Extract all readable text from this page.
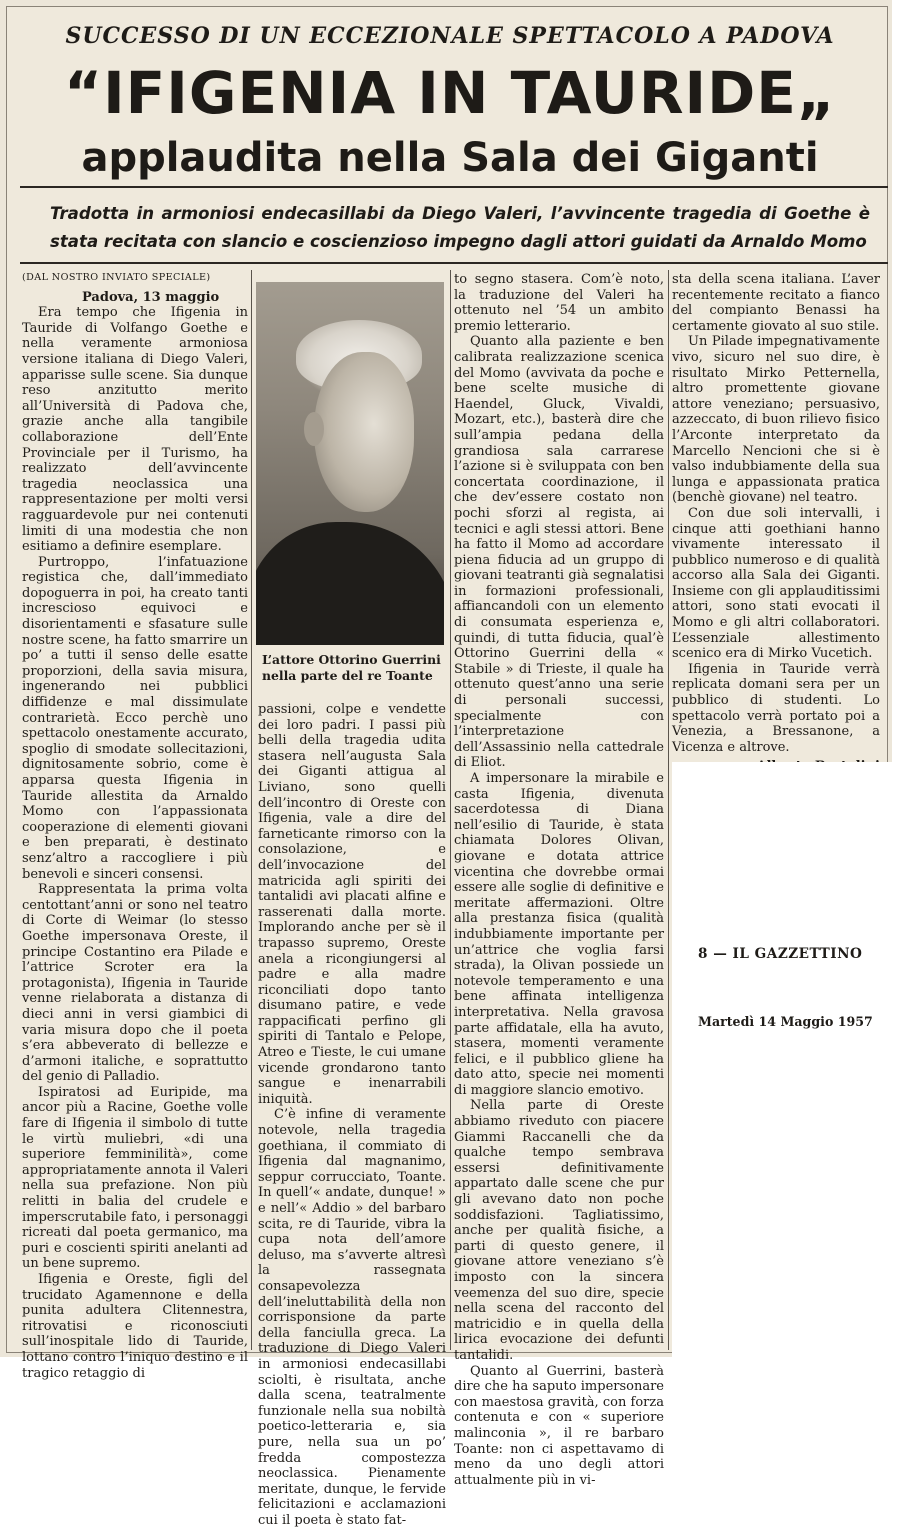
SUCCESSO DI UN ECCEZIONALE SPETTACOLO A PADOVA
“IFIGENIA IN TAURIDE„
applaudita nella Sala dei Giganti
Tradotta in armoniosi endecasillabi da Diego Valeri, l’avvincente tragedia di Goethe è stata recitata con slancio e coscienzioso impegno dagli attori guidati da Arnaldo Momo

(DAL NOSTRO INVIATO SPECIALE)

Padova, 13 maggio

Era tempo che Ifigenia in Tauride di Volfango Goethe e nella veramente armoniosa versione italiana di Diego Valeri, apparisse sulle scene. Sia dunque reso anzitutto merito all’Università di Padova che, grazie anche alla tangibile collaborazione dell’Ente Provinciale per il Turismo, ha realizzato dell’avvincente tragedia neoclassica una rappresentazione per molti versi ragguardevole pur nei contenuti limiti di una modestia che non esitiamo a definire esemplare.

Purtroppo, l’infatuazione registica che, dall’immediato dopoguerra in poi, ha creato tanti increscioso equivoci e disorientamenti e sfasature sulle nostre scene, ha fatto smarrire un po’ a tutti il senso delle esatte proporzioni, della savia misura, ingenerando nei pubblici diffidenze e mal dissimulate contrarietà. Ecco perchè uno spettacolo onestamente accurato, spoglio di smodate sollecitazioni, dignitosamente sobrio, come è apparsa questa Ifigenia in Tauride allestita da Arnaldo Momo con l’appassionata cooperazione di elementi giovani e ben preparati, è destinato senz’altro a raccogliere i più benevoli e sinceri consensi.

Rappresentata la prima volta centottant’anni or sono nel teatro di Corte di Weimar (lo stesso Goethe impersonava Oreste, il principe Costantino era Pilade e l’attrice Scroter era la protagonista), Ifigenia in Tauride venne rielaborata a distanza di dieci anni in versi giambici di varia misura dopo che il poeta s’era abbeverato di bellezze e d’armoni italiche, e soprattutto del genio di Palladio.

Ispiratosi ad Euripide, ma ancor più a Racine, Goethe volle fare di Ifigenia il simbolo di tutte le virtù muliebri, «di una superiore femminilità», come appropriatamente annota il Valeri nella sua prefazione. Non più relitti in balia del crudele e imperscrutabile fato, i personaggi ricreati dal poeta germanico, ma puri e coscienti spiriti anelanti ad un bene supremo.

Ifigenia e Oreste, figli del trucidato Agamennone e della punita adultera Clitennestra, ritrovatisi e riconosciuti sull’inospitale lido di Tauride, lottano contro l’iniquo destino e il tragico retaggio di

L’attore Ottorino Guerrini nella parte del re Toante

passioni, colpe e vendette dei loro padri. I passi più belli della tragedia udita stasera nell’augusta Sala dei Giganti attigua al Liviano, sono quelli dell’incontro di Oreste con Ifigenia, vale a dire del farneticante rimorso con la consolazione, e dell’invocazione del matricida agli spiriti dei tantalidi avi placati alfine e rasserenati dalla morte. Implorando anche per sè il trapasso supremo, Oreste anela a ricongiungersi al padre e alla madre riconciliati dopo tanto disumano patire, e vede rappacificati perfino gli spiriti di Tantalo e Pelope, Atreo e Tieste, le cui umane vicende grondarono tanto sangue e inenarrabili iniquità.

C’è infine di veramente notevole, nella tragedia goethiana, il commiato di Ifigenia dal magnanimo, seppur corrucciato, Toante. In quell’« andate, dunque! » e nell’« Addio » del barbaro scita, re di Tauride, vibra la cupa nota dell’amore deluso, ma s’avverte altresì la rassegnata consapevolezza dell’ineluttabilità della non corrisponsione da parte della fanciulla greca. La traduzione di Diego Valeri in armoniosi endecasillabi sciolti, è risultata, anche dalla scena, teatralmente funzionale nella sua nobiltà poetico-letteraria e, sia pure, nella sua un po’ fredda compostezza neoclassica. Pienamente meritate, dunque, le fervide felicitazioni e acclamazioni cui il poeta è stato fat-

to segno stasera. Com’è noto, la traduzione del Valeri ha ottenuto nel ’54 un ambito premio letterario.

Quanto alla paziente e ben calibrata realizzazione scenica del Momo (avvivata da poche e bene scelte musiche di Haendel, Gluck, Vivaldi, Mozart, etc.), basterà dire che sull’ampia pedana della grandiosa sala carrarese l’azione si è sviluppata con ben concertata coordinazione, il che dev’essere costato non pochi sforzi al regista, ai tecnici e agli stessi attori. Bene ha fatto il Momo ad accordare piena fiducia ad un gruppo di giovani teatranti già segnalatisi in formazioni professionali, affiancandoli con un elemento di consumata esperienza e, quindi, di tutta fiducia, qual’è Ottorino Guerrini della « Stabile » di Trieste, il quale ha ottenuto quest’anno una serie di personali successi, specialmente con l’interpretazione dell’Assassinio nella cattedrale di Eliot.

A impersonare la mirabile e casta Ifigenia, divenuta sacerdotessa di Diana nell’esilio di Tauride, è stata chiamata Dolores Olivan, giovane e dotata attrice vicentina che dovrebbe ormai essere alle soglie di definitive e meritate affermazioni. Oltre alla prestanza fisica (qualità indubbiamente importante per un’attrice che voglia farsi strada), la Olivan possiede un notevole temperamento e una bene affinata intelligenza interpretativa. Nella gravosa parte affidatale, ella ha avuto, stasera, momenti veramente felici, e il pubblico gliene ha dato atto, specie nei momenti di maggiore slancio emotivo.

Nella parte di Oreste abbiamo riveduto con piacere Giammi Raccanelli che da qualche tempo sembrava essersi definitivamente appartato dalle scene che pur gli avevano dato non poche soddisfazioni. Tagliatissimo, anche per qualità fisiche, a parti di questo genere, il giovane attore veneziano s’è imposto con la sincera veemenza del suo dire, specie nella scena del racconto del matricidio e in quella della lirica evocazione dei defunti tantalidi.

Quanto al Guerrini, basterà dire che ha saputo impersonare con maestosa gravità, con forza contenuta e con « superiore malinconia », il re barbaro Toante: non ci aspettavamo di meno da uno degli attori attualmente più in vi-

sta della scena italiana. L’aver recentemente recitato a fianco del compianto Benassi ha certamente giovato al suo stile.

Un Pilade impegnativamente vivo, sicuro nel suo dire, è risultato Mirko Petternella, altro promettente giovane attore veneziano; persuasivo, azzeccato, di buon rilievo fisico l’Arconte interpretato da Marcello Nencioni che si è valso indubbiamente della sua lunga e appassionata pratica (benchè giovane) nel teatro.

Con due soli intervalli, i cinque atti goethiani hanno vivamente interessato il pubblico numeroso e di qualità accorso alla Sala dei Giganti. Insieme con gli applauditissimi attori, sono stati evocati il Momo e gli altri collaboratori. L’essenziale allestimento scenico era di Mirko Vucetich.

Ifigenia in Tauride verrà replicata domani sera per un pubblico di studenti. Lo spettacolo verrà portato poi a Venezia, a Bressanone, a Vicenza e altrove.

8 — IL GAZZETTINO
Martedì 14 Maggio 1957
